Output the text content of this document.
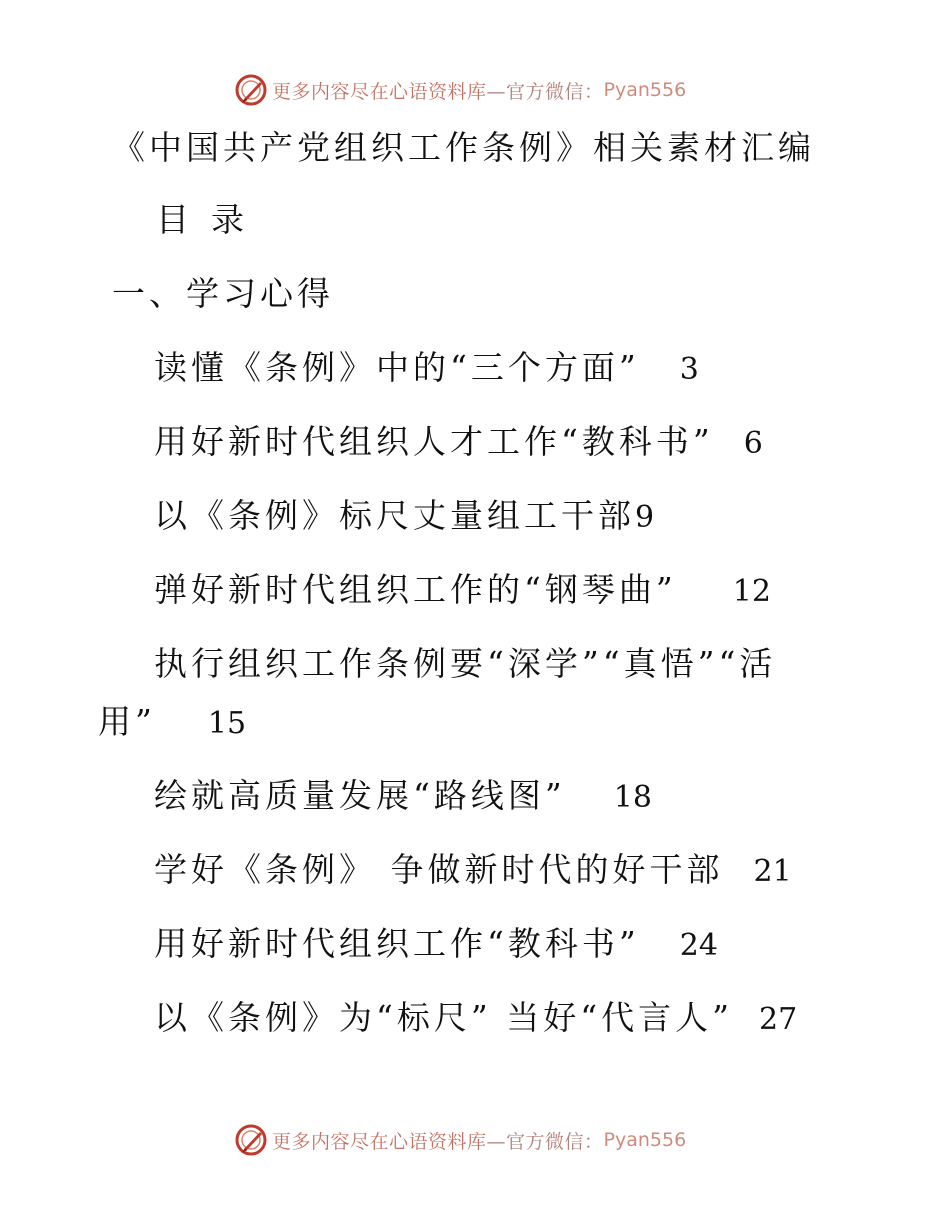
更多内容尽在心语资料库 —官方微信： Pyan556
《中国共产党组织工作条例》相关素材汇编
目 录
一、学习心得
读懂《条例》中的“三个方面” 3
用好新时代组织人才工作“教科书” 6
以《条例》标尺丈量组工干部9
弹好新时代组织工作的“钢琴曲” 12
执行组织工作条例要“深学”“真悟”“活
用” 15
绘就高质量发展“路线图” 18
学好《条例》 争做新时代的好干部 21
用好新时代组织工作“教科书” 24
以《条例》为“标尺” 当好“代言人” 27
更多内容尽在心语资料库 —官方微信： Pyan556
